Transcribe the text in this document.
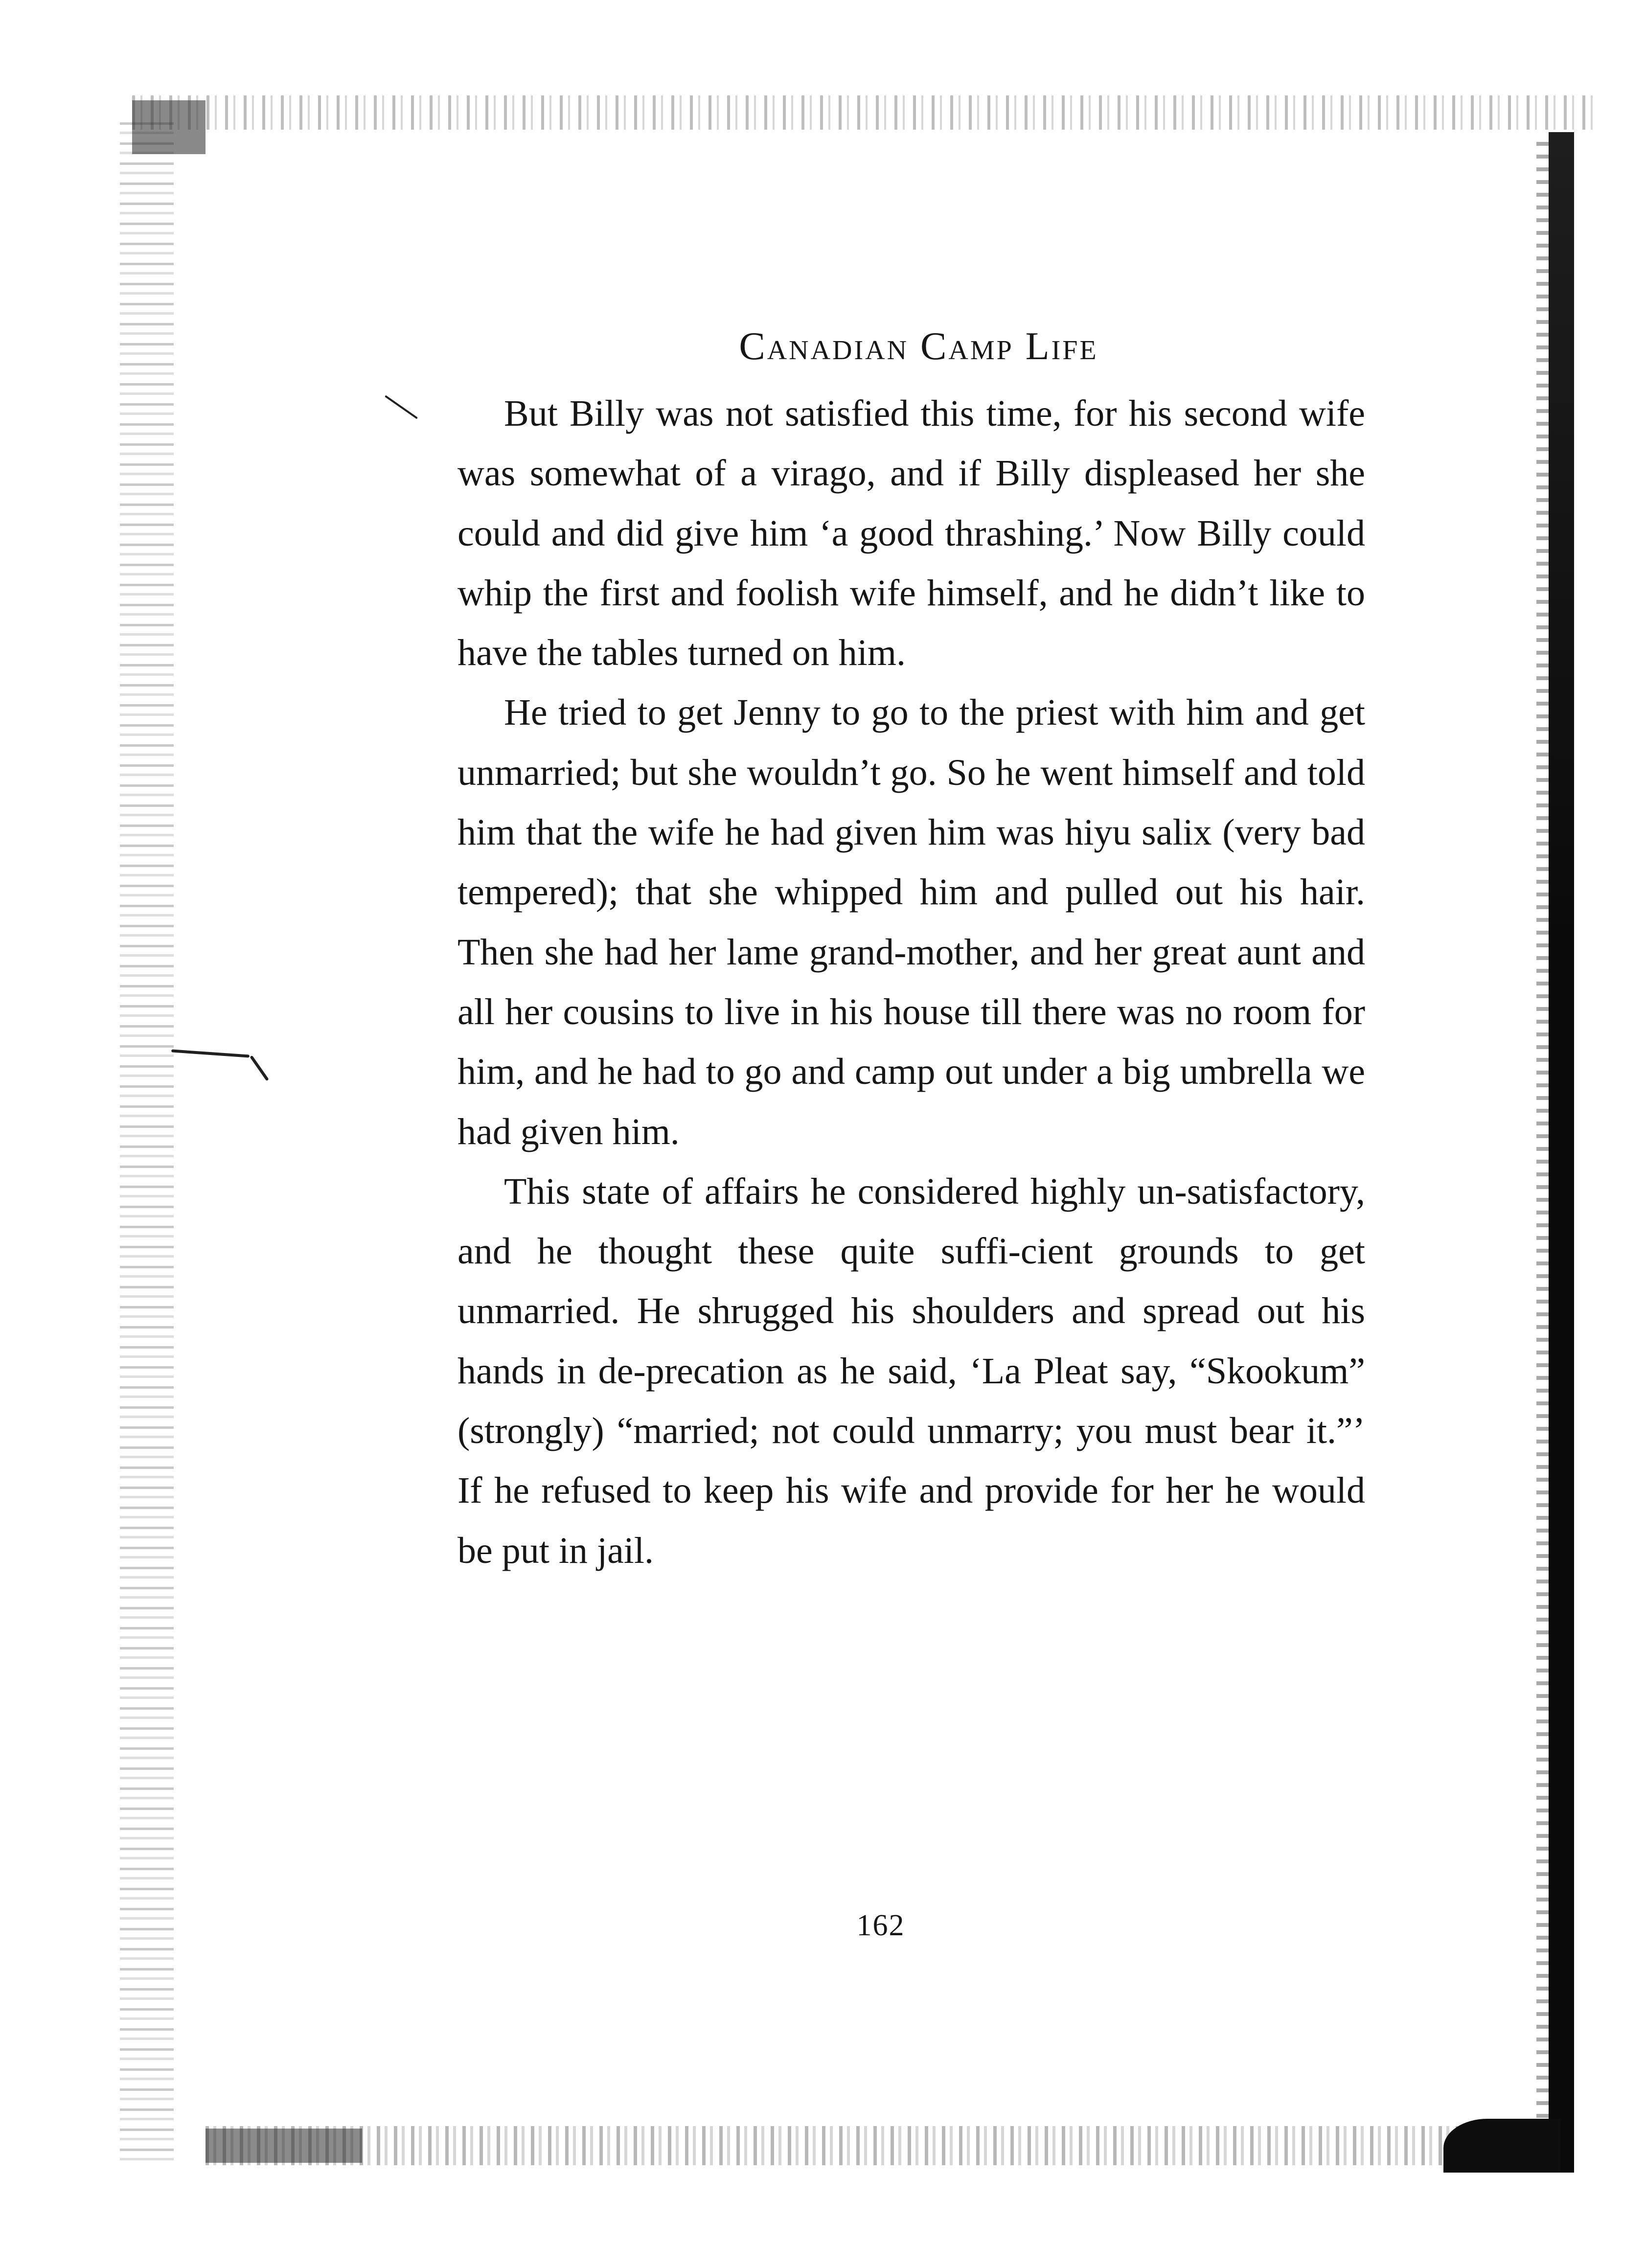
Canadian Camp Life

But Billy was not satisfied this time, for his second wife was somewhat of a virago, and if Billy displeased her she could and did give him ‘a good thrashing.’ Now Billy could whip the first and foolish wife himself, and he didn’t like to have the tables turned on him.

He tried to get Jenny to go to the priest with him and get unmarried; but she wouldn’t go. So he went himself and told him that the wife he had given him was hiyu salix (very bad tempered); that she whipped him and pulled out his hair. Then she had her lame grand-mother, and her great aunt and all her cousins to live in his house till there was no room for him, and he had to go and camp out under a big umbrella we had given him.

This state of affairs he considered highly un-satisfactory, and he thought these quite suffi-cient grounds to get unmarried. He shrugged his shoulders and spread out his hands in de-precation as he said, ‘La Pleat say, “Skookum” (strongly) “married; not could unmarry; you must bear it.”’ If he refused to keep his wife and provide for her he would be put in jail.

162
